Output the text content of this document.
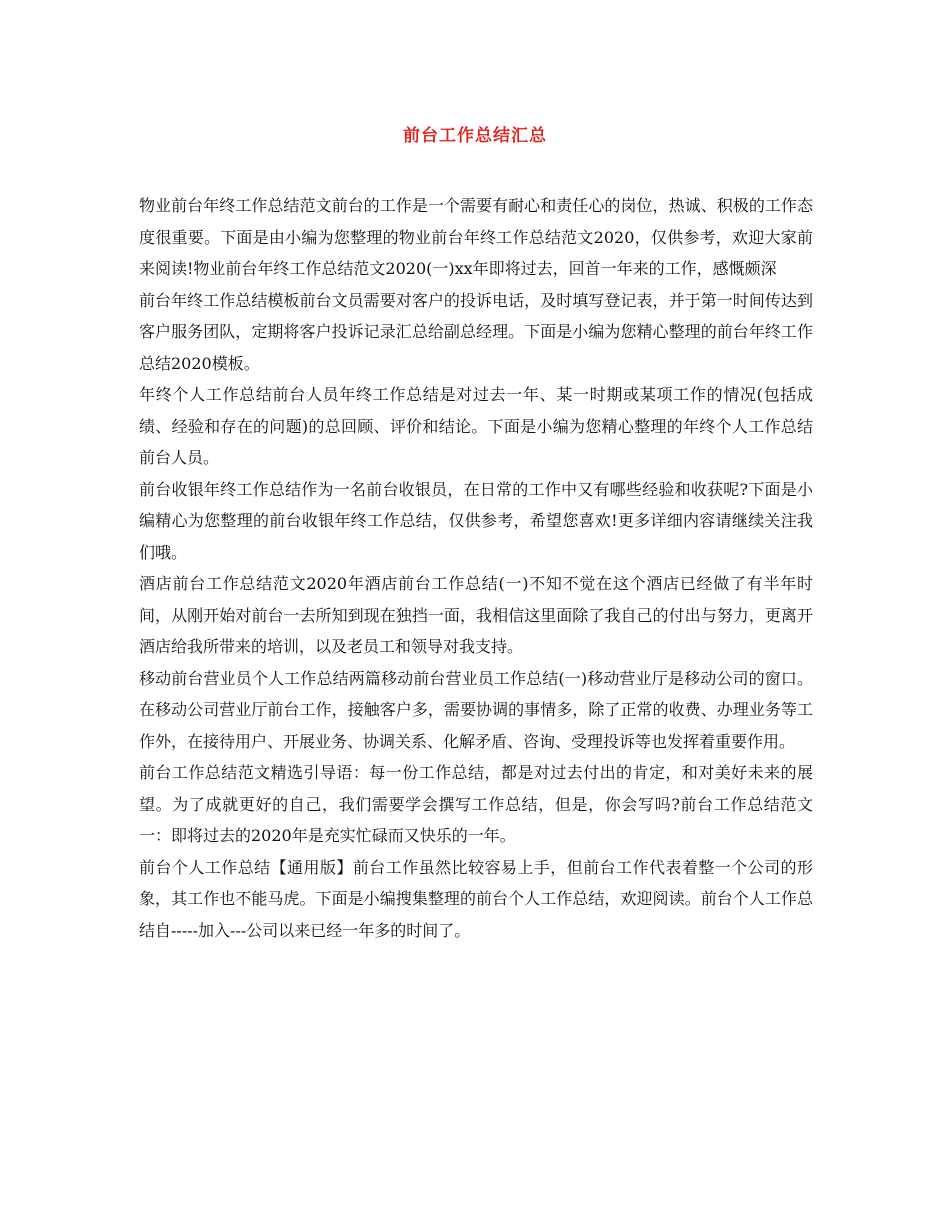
前台工作总结汇总

物业前台年终工作总结范文前台的工作是一个需要有耐心和责任心的岗位，热诚、积极的工作态度很重要。下面是由小编为您整理的物业前台年终工作总结范文2020，仅供参考，欢迎大家前来阅读!物业前台年终工作总结范文2020(一)xx年即将过去，回首一年来的工作，感慨颇深

前台年终工作总结模板前台文员需要对客户的投诉电话，及时填写登记表，并于第一时间传达到客户服务团队，定期将客户投诉记录汇总给副总经理。下面是小编为您精心整理的前台年终工作总结2020模板。

年终个人工作总结前台人员年终工作总结是对过去一年、某一时期或某项工作的情况(包括成绩、经验和存在的问题)的总回顾、评价和结论。下面是小编为您精心整理的年终个人工作总结前台人员。

前台收银年终工作总结作为一名前台收银员，在日常的工作中又有哪些经验和收获呢?下面是小编精心为您整理的前台收银年终工作总结，仅供参考，希望您喜欢!更多详细内容请继续关注我们哦。

酒店前台工作总结范文2020年酒店前台工作总结(一)不知不觉在这个酒店已经做了有半年时间，从刚开始对前台一去所知到现在独挡一面，我相信这里面除了我自己的付出与努力，更离开酒店给我所带来的培训，以及老员工和领导对我支持。

移动前台营业员个人工作总结两篇移动前台营业员工作总结(一)移动营业厅是移动公司的窗口。在移动公司营业厅前台工作，接触客户多，需要协调的事情多，除了正常的收费、办理业务等工作外，在接待用户、开展业务、协调关系、化解矛盾、咨询、受理投诉等也发挥着重要作用。

前台工作总结范文精选引导语：每一份工作总结，都是对过去付出的肯定，和对美好未来的展望。为了成就更好的自己，我们需要学会撰写工作总结，但是，你会写吗?前台工作总结范文一：即将过去的2020年是充实忙碌而又快乐的一年。

前台个人工作总结【通用版】前台工作虽然比较容易上手，但前台工作代表着整一个公司的形象，其工作也不能马虎。下面是小编搜集整理的前台个人工作总结，欢迎阅读。前台个人工作总结自-----加入---公司以来已经一年多的时间了。
